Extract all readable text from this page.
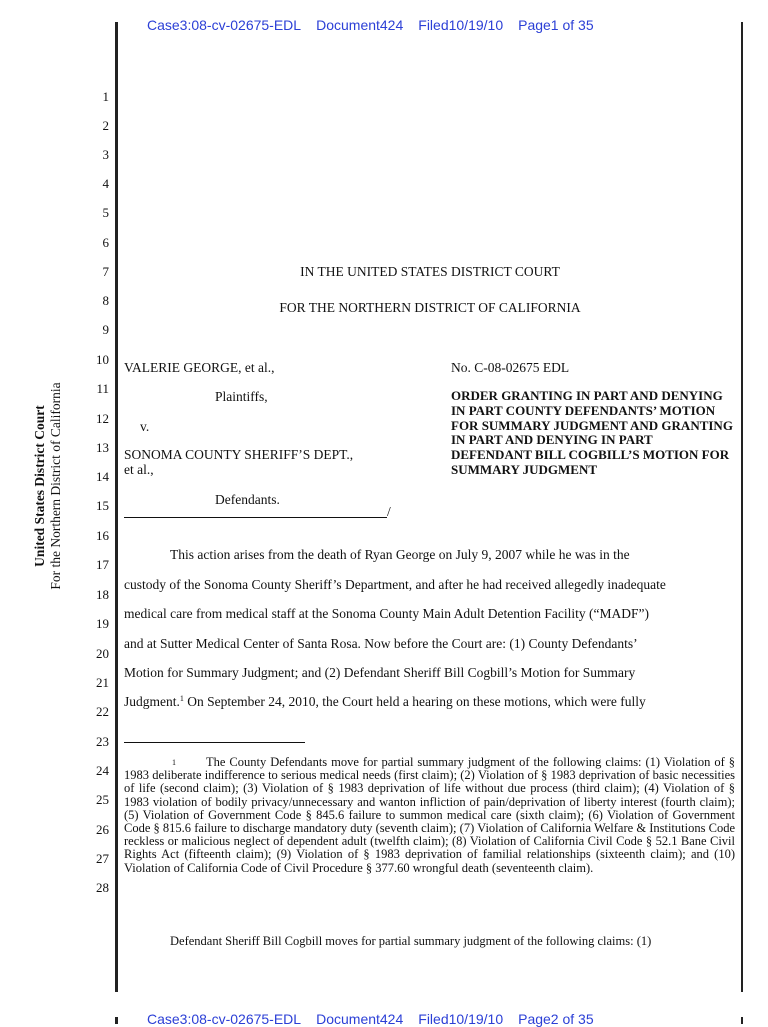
Case3:08-cv-02675-EDL Document424 Filed10/19/10 Page1 of 35
United States District Court For the Northern District of California
1
2
3
4
5
6
7
8
9
10
11
12
13
14
15
16
17
18
19
20
21
22
23
24
25
26
27
28
IN THE UNITED STATES DISTRICT COURT
FOR THE NORTHERN DISTRICT OF CALIFORNIA
VALERIE GEORGE, et al.,
Plaintiffs,
v.
SONOMA COUNTY SHERIFF’S DEPT.,
et al.,
Defendants.
/
No. C-08-02675 EDL
ORDER GRANTING IN PART AND DENYING IN PART COUNTY DEFENDANTS’ MOTION FOR SUMMARY JUDGMENT AND GRANTING IN PART AND DENYING IN PART DEFENDANT BILL COGBILL’S MOTION FOR SUMMARY JUDGMENT
This action arises from the death of Ryan George on July 9, 2007 while he was in the
custody of the Sonoma County Sheriff’s Department, and after he had received allegedly inadequate
medical care from medical staff at the Sonoma County Main Adult Detention Facility (“MADF”)
and at Sutter Medical Center of Santa Rosa. Now before the Court are: (1) County Defendants’
Motion for Summary Judgment; and (2) Defendant Sheriff Bill Cogbill’s Motion for Summary
Judgment.$^1$ On September 24, 2010, the Court held a hearing on these motions, which were fully
$^1$ The County Defendants move for partial summary judgment of the following claims: (1) Violation of § 1983 deliberate indifference to serious medical needs (first claim); (2) Violation of § 1983 deprivation of basic necessities of life (second claim); (3) Violation of § 1983 deprivation of life without due process (third claim); (4) Violation of § 1983 violation of bodily privacy/unnecessary and wanton infliction of pain/deprivation of liberty interest (fourth claim); (5) Violation of Government Code § 845.6 failure to summon medical care (sixth claim); (6) Violation of Government Code § 815.6 failure to discharge mandatory duty (seventh claim); (7) Violation of California Welfare & Institutions Code reckless or malicious neglect of dependent adult (twelfth claim); (8) Violation of California Civil Code § 52.1 Bane Civil Rights Act (fifteenth claim); (9) Violation of § 1983 deprivation of familial relationships (sixteenth claim); and (10) Violation of California Code of Civil Procedure § 377.60 wrongful death (seventeenth claim).
Defendant Sheriff Bill Cogbill moves for partial summary judgment of the following claims: (1)
Case3:08-cv-02675-EDL Document424 Filed10/19/10 Page2 of 35
